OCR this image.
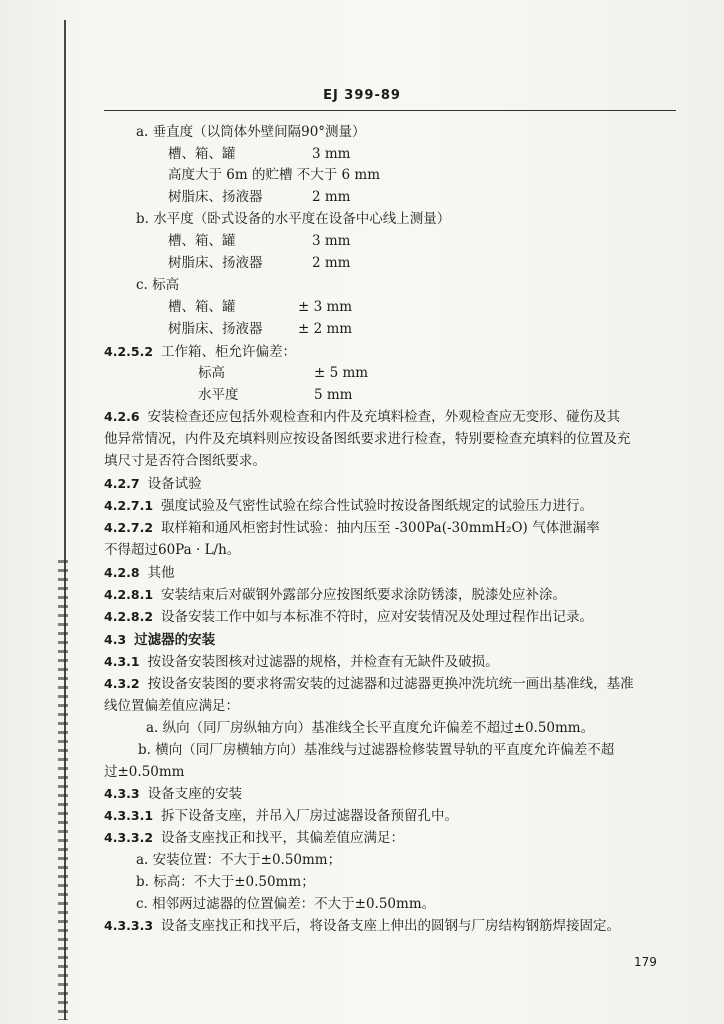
EJ 399-89
a. 垂直度（以筒体外壁间隔90°测量）
槽、箱、罐	3 mm
高度大于 6m 的贮槽 不大于 6 mm
树脂床、扬液器	2 mm
b. 水平度（卧式设备的水平度在设备中心线上测量）
槽、箱、罐	3 mm
树脂床、扬液器	2 mm
c. 标高
槽、箱、罐	± 3 mm
树脂床、扬液器	± 2 mm
4.2.5.2 工作箱、柜允许偏差：
标高	± 5 mm
水平度	5 mm
4.2.6 安装检查还应包括外观检查和内件及充填料检查，外观检查应无变形、碰伤及其
他异常情况，内件及充填料则应按设备图纸要求进行检查，特别要检查充填料的位置及充
填尺寸是否符合图纸要求。
4.2.7 设备试验
4.2.7.1 强度试验及气密性试验在综合性试验时按设备图纸规定的试验压力进行。
4.2.7.2 取样箱和通风柜密封性试验：抽内压至 -300Pa(-30mmH₂O) 气体泄漏率
不得超过60Pa · L/h。
4.2.8 其他
4.2.8.1 安装结束后对碳钢外露部分应按图纸要求涂防锈漆，脱漆处应补涂。
4.2.8.2 设备安装工作中如与本标准不符时，应对安装情况及处理过程作出记录。
4.3 过滤器的安装
4.3.1 按设备安装图核对过滤器的规格，并检查有无缺件及破损。
4.3.2 按设备安装图的要求将需安装的过滤器和过滤器更换冲洗坑统一画出基准线，基准
线位置偏差值应满足：
a. 纵向（同厂房纵轴方向）基准线全长平直度允许偏差不超过±0.50mm。
b. 横向（同厂房横轴方向）基准线与过滤器检修装置导轨的平直度允许偏差不超
过±0.50mm
4.3.3 设备支座的安装
4.3.3.1 拆下设备支座，并吊入厂房过滤器设备预留孔中。
4.3.3.2 设备支座找正和找平，其偏差值应满足：
a. 安装位置：不大于±0.50mm；
b. 标高：不大于±0.50mm；
c. 相邻两过滤器的位置偏差：不大于±0.50mm。
4.3.3.3 设备支座找正和找平后，将设备支座上伸出的圆钢与厂房结构钢筋焊接固定。
179
